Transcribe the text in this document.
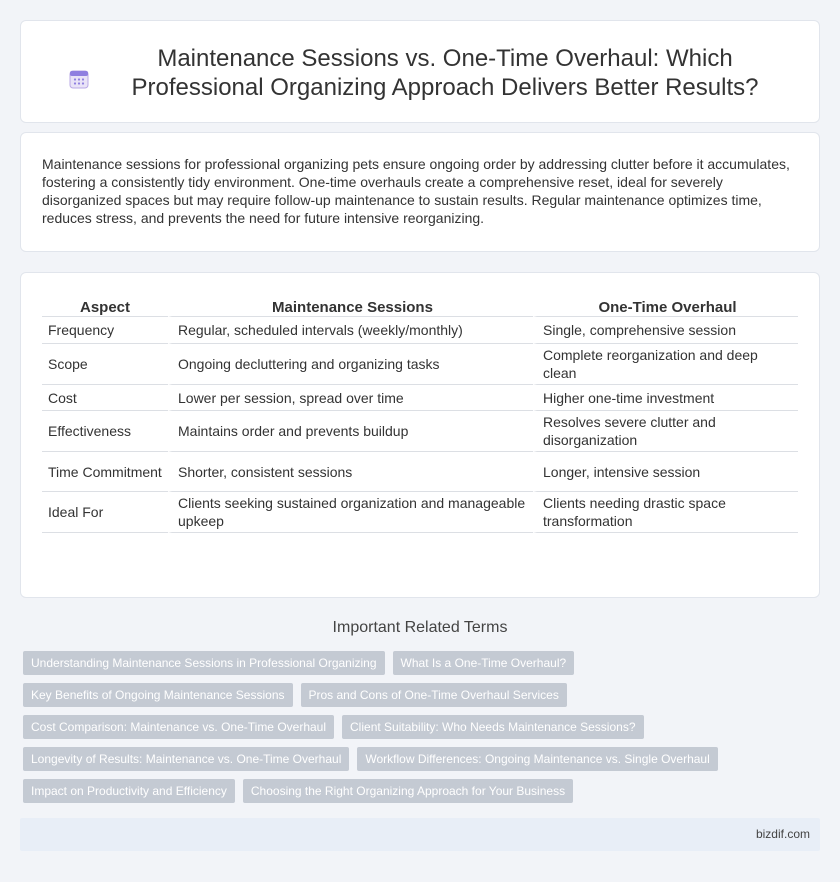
Maintenance Sessions vs. One-Time Overhaul: Which Professional Organizing Approach Delivers Better Results?

Maintenance sessions for professional organizing pets ensure ongoing order by addressing clutter before it accumulates, fostering a consistently tidy environment. One-time overhauls create a comprehensive reset, ideal for severely disorganized spaces but may require follow-up maintenance to sustain results. Regular maintenance optimizes time, reduces stress, and prevents the need for future intensive reorganizing.

Aspect	Maintenance Sessions	One-Time Overhaul
Frequency	Regular, scheduled intervals (weekly/monthly)	Single, comprehensive session
Scope	Ongoing decluttering and organizing tasks	Complete reorganization and deep clean
Cost	Lower per session, spread over time	Higher one-time investment
Effectiveness	Maintains order and prevents buildup	Resolves severe clutter and disorganization
Time Commitment	Shorter, consistent sessions	Longer, intensive session
Ideal For	Clients seeking sustained organization and manageable upkeep	Clients needing drastic space transformation
Important Related Terms
Understanding Maintenance Sessions in Professional Organizing	What Is a One-Time Overhaul?
Key Benefits of Ongoing Maintenance Sessions	Pros and Cons of One-Time Overhaul Services
Cost Comparison: Maintenance vs. One-Time Overhaul	Client Suitability: Who Needs Maintenance Sessions?
Longevity of Results: Maintenance vs. One-Time Overhaul	Workflow Differences: Ongoing Maintenance vs. Single Overhaul
Impact on Productivity and Efficiency	Choosing the Right Organizing Approach for Your Business
bizdif.com
